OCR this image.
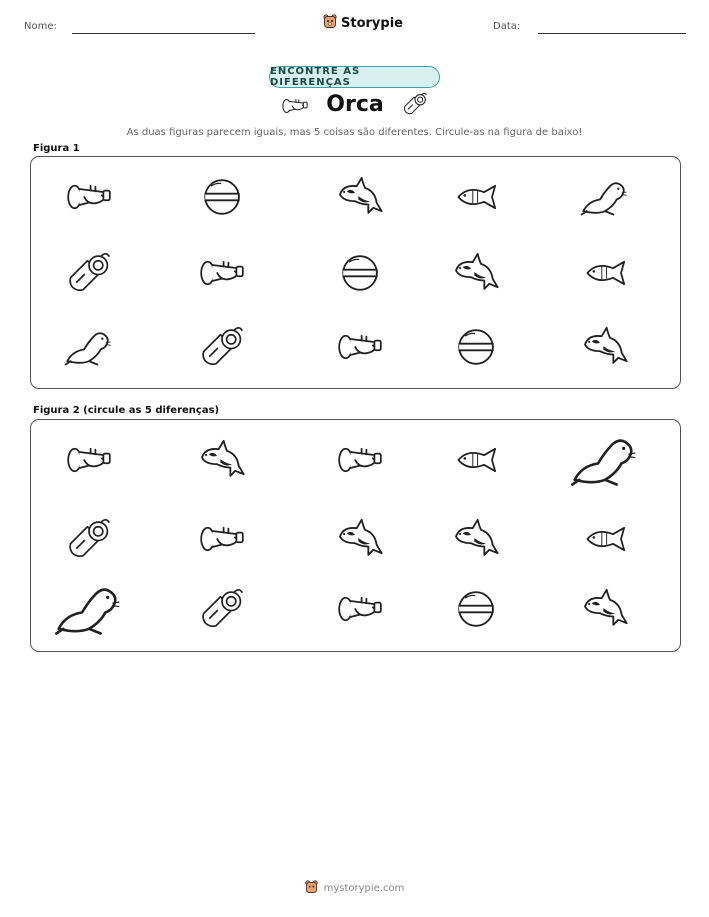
Nome:	Storypie	Data:
ENCONTRE AS DIFERENÇAS
Orca
As duas figuras parecem iguais, mas 5 coisas são diferentes. Circule-as na figura de baixo!
Figura 1
Figura 2 (circule as 5 diferenças)
mystorypie.com
